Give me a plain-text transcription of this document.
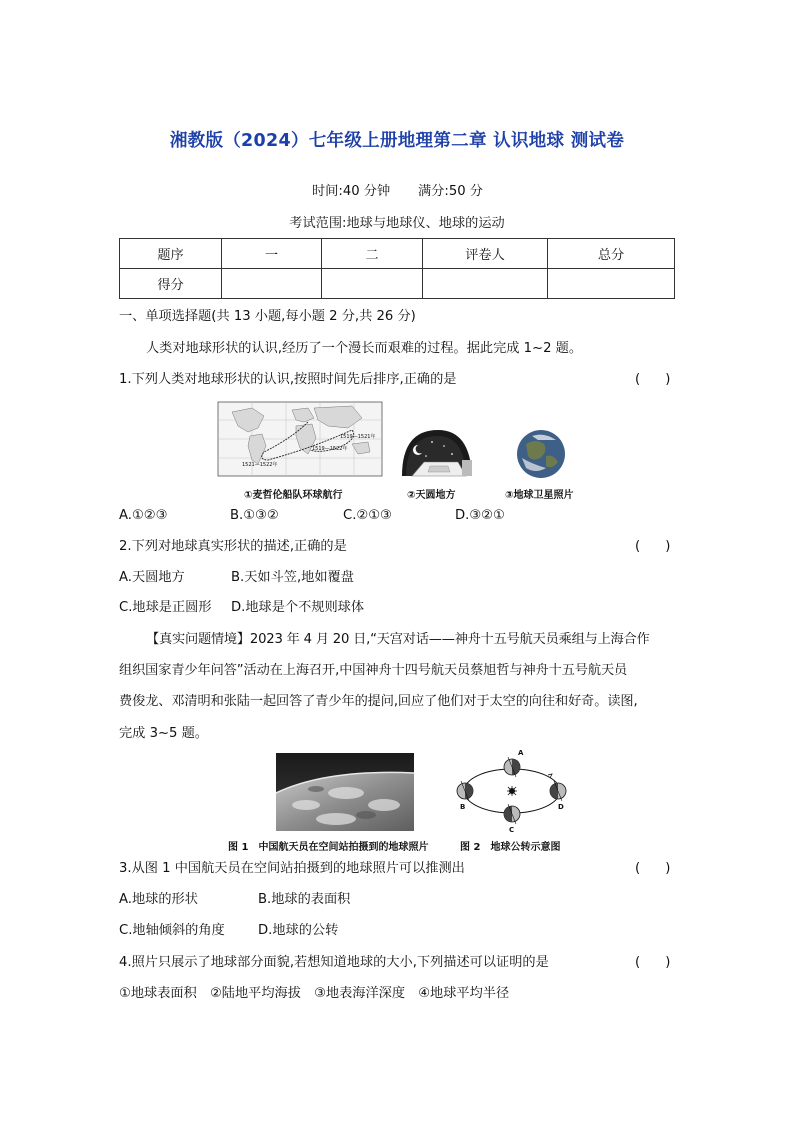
湘教版（2024）七年级上册地理第二章 认识地球 测试卷
时间:40 分钟 满分:50 分
考试范围:地球与地球仪、地球的运动
题序	一	二	评卷人	总分
得分				
一、单项选择题(共 13 小题,每小题 2 分,共 26 分)
人类对地球形状的认识,经历了一个漫长而艰难的过程。据此完成 1~2 题。
1.下列人类对地球形状的认识,按照时间先后排序,正确的是	(      )
1519—1522年
1519—1521年
1521—1522年
①麦哲伦船队环球航行	②天圆地方	③地球卫星照片
A.①②③	B.①③②	C.②①③	D.③②①
2.下列对地球真实形状的描述,正确的是	(      )
A.天圆地方	B.天如斗笠,地如覆盘
C.地球是正圆形 D.地球是个不规则球体
【真实问题情境】2023 年 4 月 20 日,“天宫对话——神舟十五号航天员乘组与上海合作
组织国家青少年问答”活动在上海召开,中国神舟十四号航天员蔡旭哲与神舟十五号航天员
费俊龙、邓清明和张陆一起回答了青少年的提问,回应了他们对于太空的向往和好奇。读图,
完成 3~5 题。
A
B
C
D
图 1　中国航天员在空间站拍摄到的地球照片	图 2　地球公转示意图
3.从图 1 中国航天员在空间站拍摄到的地球照片可以推测出	(      )
A.地球的形状	B.地球的表面积
C.地轴倾斜的角度	D.地球的公转
4.照片只展示了地球部分面貌,若想知道地球的大小,下列描述可以证明的是	(      )
①地球表面积　②陆地平均海拔　③地表海洋深度　④地球平均半径
